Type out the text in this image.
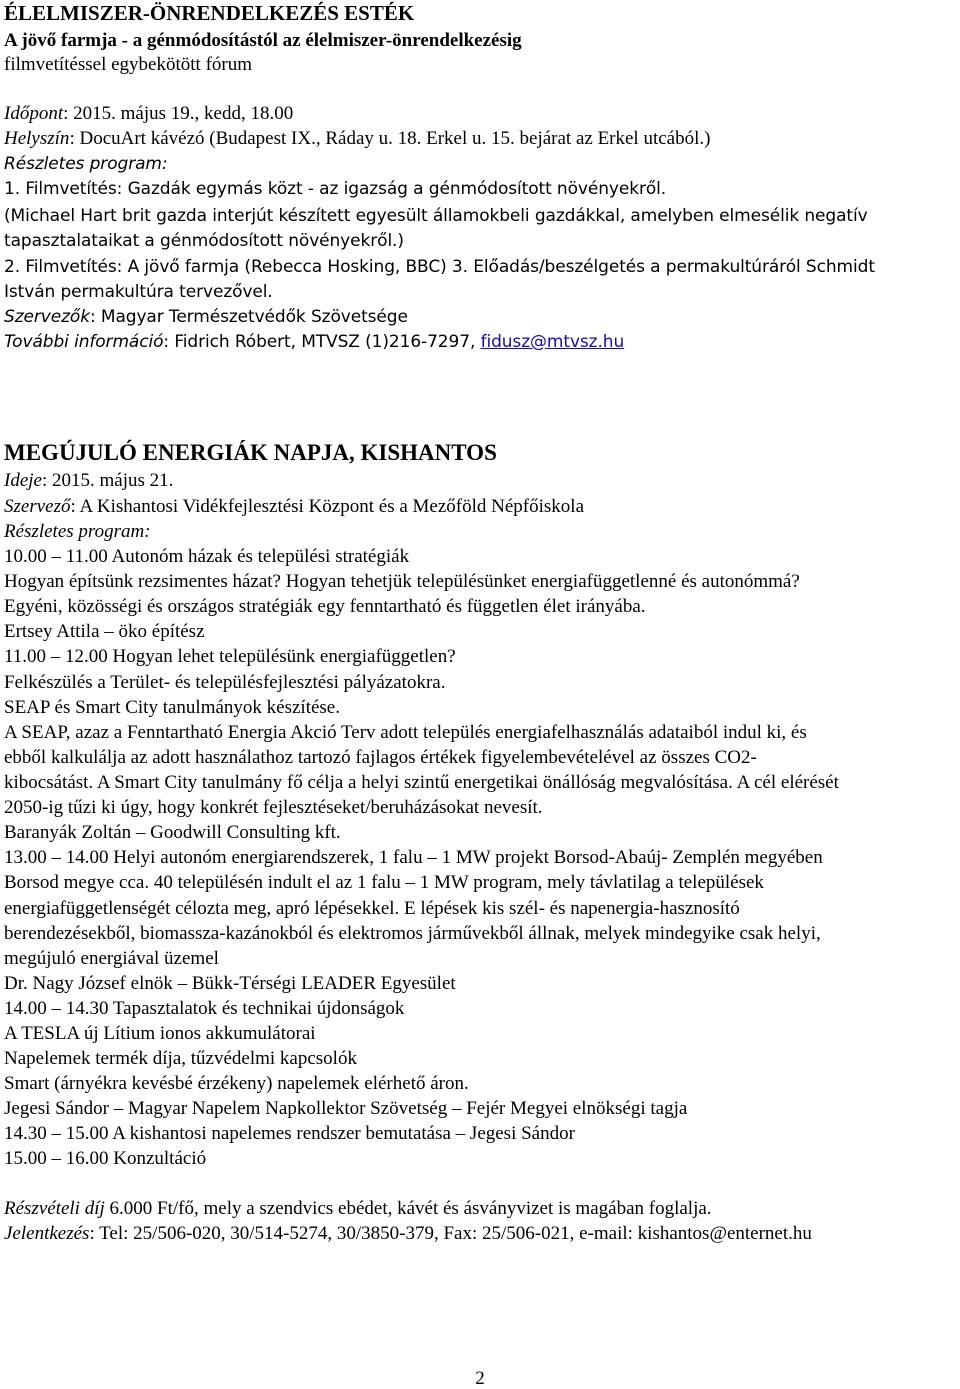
ÉLELMISZER-ÖNRENDELKEZÉS ESTÉK
A jövő farmja - a génmódosítástól az élelmiszer-önrendelkezésig
filmvetítéssel egybekötött fórum
Időpont: 2015. május 19., kedd, 18.00
Helyszín: DocuArt kávézó (Budapest IX., Ráday u. 18. Erkel u. 15. bejárat az Erkel utcából.)
Részletes program:
1. Filmvetítés: Gazdák egymás közt - az igazság a génmódosított növényekről.
(Michael Hart brit gazda interjút készített egyesült államokbeli gazdákkal, amelyben elmesélik negatív
tapasztalataikat a génmódosított növényekről.)
2. Filmvetítés: A jövő farmja (Rebecca Hosking, BBC) 3. Előadás/beszélgetés a permakultúráról Schmidt
István permakultúra tervezővel.
Szervezők: Magyar Természetvédők Szövetsége
További információ: Fidrich Róbert, MTVSZ (1)216-7297, fidusz@mtvsz.hu
MEGÚJULÓ ENERGIÁK NAPJA, KISHANTOS
Ideje: 2015. május 21.
Szervező: A Kishantosi Vidékfejlesztési Központ és a Mezőföld Népfőiskola
Részletes program:
10.00 – 11.00 Autonóm házak és települési stratégiák
Hogyan építsünk rezsimentes házat? Hogyan tehetjük településünket energiafüggetlenné és autonómmá?
Egyéni, közösségi és országos stratégiák egy fenntartható és független élet irányába.
Ertsey Attila – öko építész
11.00 – 12.00 Hogyan lehet településünk energiafüggetlen?
Felkészülés a Terület- és településfejlesztési pályázatokra.
SEAP és Smart City tanulmányok készítése.
A SEAP, azaz a Fenntartható Energia Akció Terv adott település energiafelhasználás adataiból indul ki, és
ebből kalkulálja az adott használathoz tartozó fajlagos értékek figyelembevételével az összes CO2-
kibocsátást. A Smart City tanulmány fő célja a helyi szintű energetikai önállóság megvalósítása. A cél elérését
2050-ig tűzi ki úgy, hogy konkrét fejlesztéseket/beruházásokat nevesít.
Baranyák Zoltán – Goodwill Consulting kft.
13.00 – 14.00 Helyi autonóm energiarendszerek, 1 falu – 1 MW projekt Borsod-Abaúj- Zemplén megyében
Borsod megye cca. 40 településén indult el az 1 falu – 1 MW program, mely távlatilag a települések
energiafüggetlenségét célozta meg, apró lépésekkel. E lépések kis szél- és napenergia-hasznosító
berendezésekből, biomassza-kazánokból és elektromos járművekből állnak, melyek mindegyike csak helyi,
megújuló energiával üzemel
Dr. Nagy József elnök – Bükk-Térségi LEADER Egyesület
14.00 – 14.30 Tapasztalatok és technikai újdonságok
A TESLA új Lítium ionos akkumulátorai
Napelemek termék díja, tűzvédelmi kapcsolók
Smart (árnyékra kevésbé érzékeny) napelemek elérhető áron.
Jegesi Sándor – Magyar Napelem Napkollektor Szövetség – Fejér Megyei elnökségi tagja
14.30 – 15.00 A kishantosi napelemes rendszer bemutatása – Jegesi Sándor
15.00 – 16.00 Konzultáció
Részvételi díj 6.000 Ft/fő, mely a szendvics ebédet, kávét és ásványvizet is magában foglalja.
Jelentkezés: Tel: 25/506-020, 30/514-5274, 30/3850-379, Fax: 25/506-021, e-mail: kishantos@enternet.hu
2
